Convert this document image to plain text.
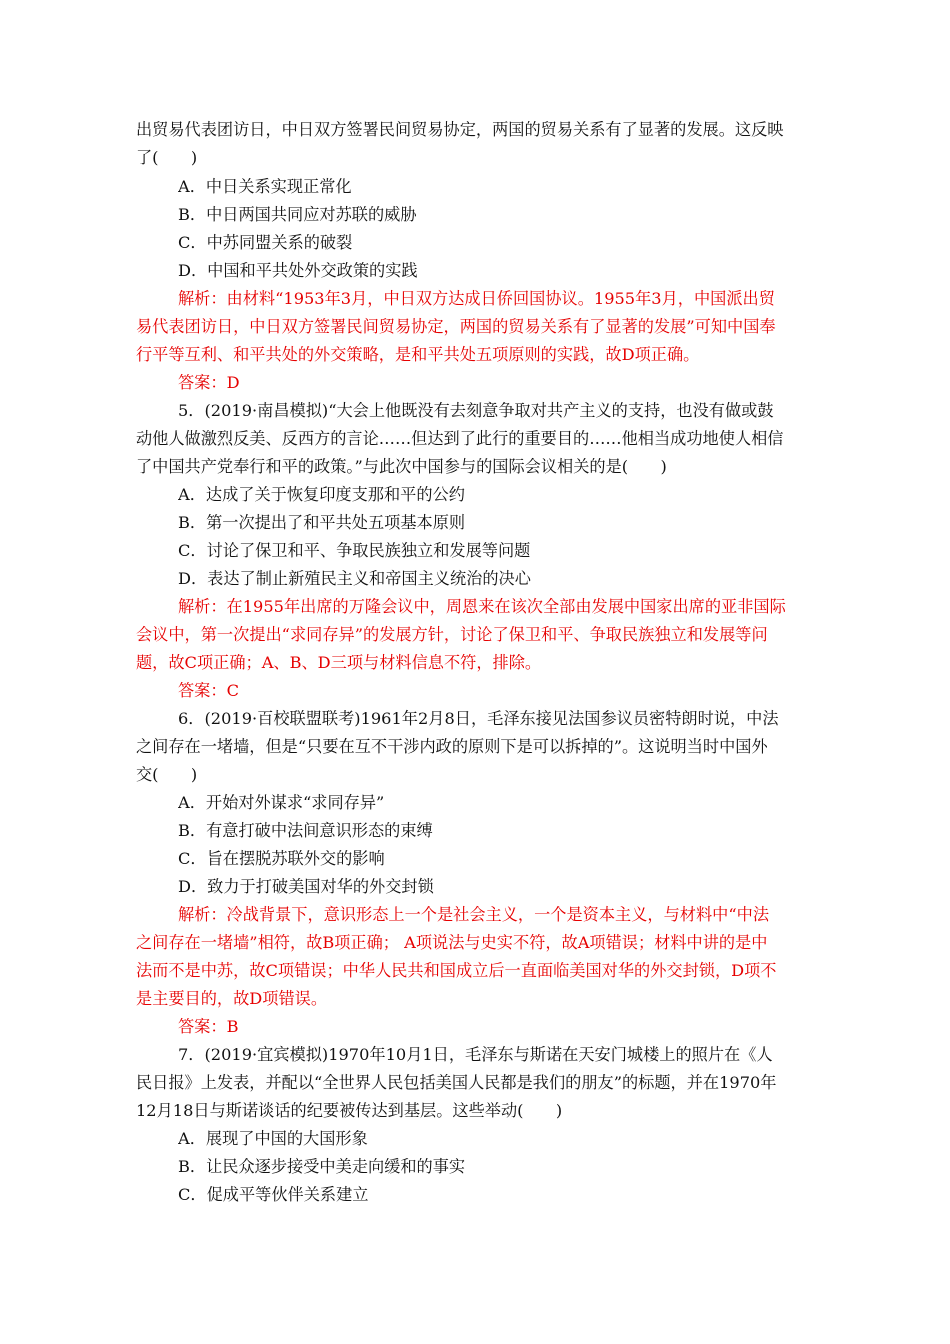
出贸易代表团访日，中日双方签署民间贸易协定，两国的贸易关系有了显著的发展。这反映
了(　　)
A．中日关系实现正常化
B．中日两国共同应对苏联的威胁
C．中苏同盟关系的破裂
D．中国和平共处外交政策的实践
解析：由材料“1953年3月，中日双方达成日侨回国协议。1955年3月，中国派出贸
易代表团访日，中日双方签署民间贸易协定，两国的贸易关系有了显著的发展”可知中国奉
行平等互利、和平共处的外交策略，是和平共处五项原则的实践，故D项正确。
答案：D
5．(2019·南昌模拟)“大会上他既没有去刻意争取对共产主义的支持，也没有做或鼓
动他人做激烈反美、反西方的言论……但达到了此行的重要目的……他相当成功地使人相信
了中国共产党奉行和平的政策。”与此次中国参与的国际会议相关的是(　　)
A．达成了关于恢复印度支那和平的公约
B．第一次提出了和平共处五项基本原则
C．讨论了保卫和平、争取民族独立和发展等问题
D．表达了制止新殖民主义和帝国主义统治的决心
解析：在1955年出席的万隆会议中，周恩来在该次全部由发展中国家出席的亚非国际
会议中，第一次提出“求同存异”的发展方针，讨论了保卫和平、争取民族独立和发展等问
题，故C项正确；A、B、D三项与材料信息不符，排除。
答案：C
6．(2019·百校联盟联考)1961年2月8日，毛泽东接见法国参议员密特朗时说，中法
之间存在一堵墙，但是“只要在互不干涉内政的原则下是可以拆掉的”。这说明当时中国外
交(　　)
A．开始对外谋求“求同存异”
B．有意打破中法间意识形态的束缚
C．旨在摆脱苏联外交的影响
D．致力于打破美国对华的外交封锁
解析：冷战背景下，意识形态上一个是社会主义，一个是资本主义，与材料中“中法
之间存在一堵墙”相符，故B项正确； A项说法与史实不符，故A项错误；材料中讲的是中
法而不是中苏，故C项错误；中华人民共和国成立后一直面临美国对华的外交封锁，D项不
是主要目的，故D项错误。
答案：B
7．(2019·宜宾模拟)1970年10月1日，毛泽东与斯诺在天安门城楼上的照片在《人
民日报》上发表，并配以“全世界人民包括美国人民都是我们的朋友”的标题，并在1970年
12月18日与斯诺谈话的纪要被传达到基层。这些举动(　　)
A．展现了中国的大国形象
B．让民众逐步接受中美走向缓和的事实
C．促成平等伙伴关系建立
